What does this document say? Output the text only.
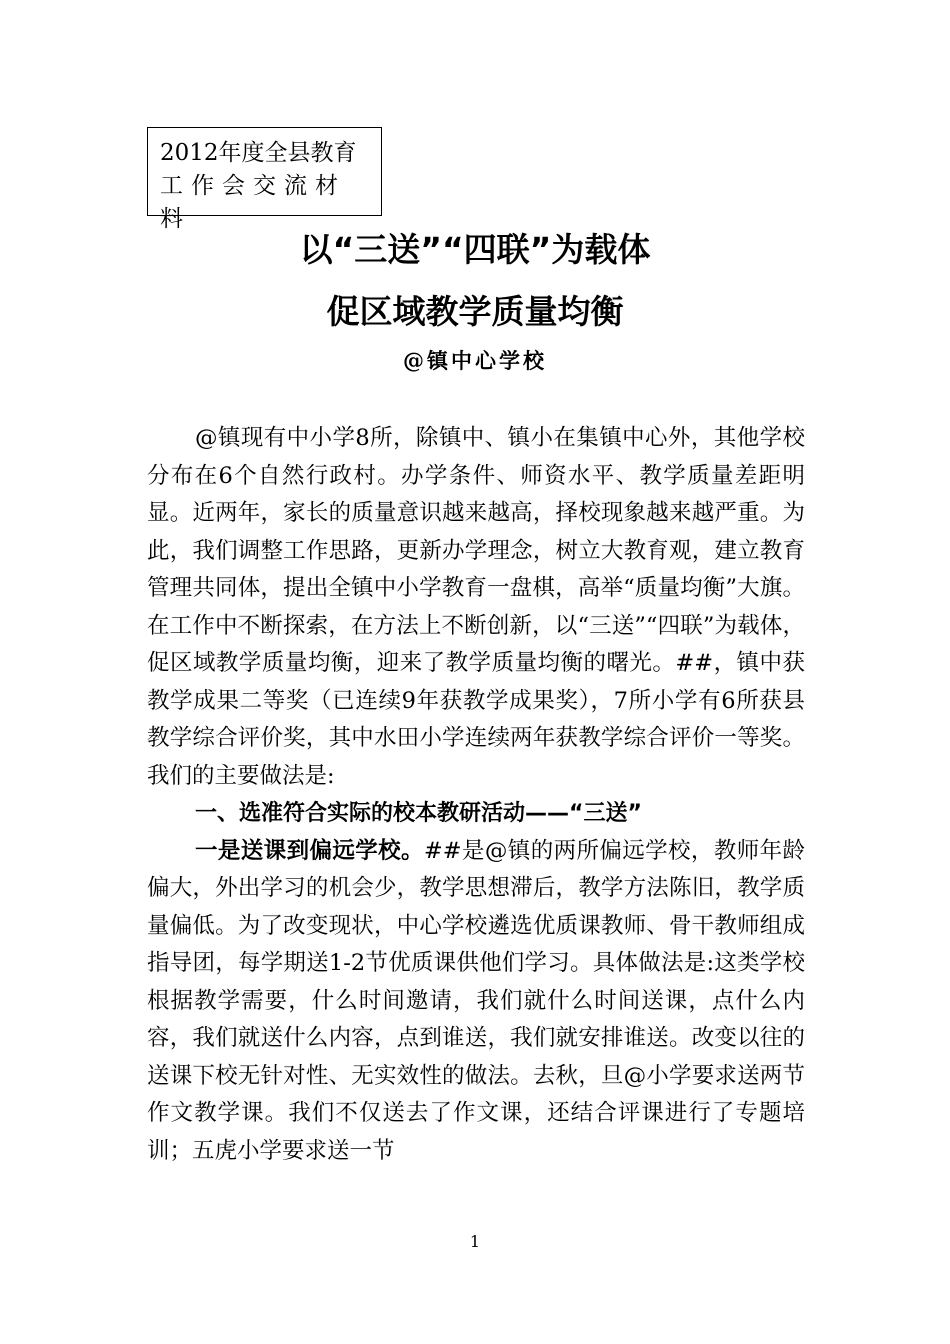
2012年度全县教育
工作会交流材料
以“三送”“四联”为载体
促区域教学质量均衡
@镇中心学校

@镇现有中小学8所，除镇中、镇小在集镇中心外，其他学校分布在6个自然行政村。办学条件、师资水平、教学质量差距明显。近两年，家长的质量意识越来越高，择校现象越来越严重。为此，我们调整工作思路，更新办学理念，树立大教育观，建立教育管理共同体，提出全镇中小学教育一盘棋，高举“质量均衡”大旗。在工作中不断探索，在方法上不断创新，以“三送”“四联”为载体，促区域教学质量均衡，迎来了教学质量均衡的曙光。##，镇中获教学成果二等奖（已连续9年获教学成果奖），7所小学有6所获县教学综合评价奖，其中水田小学连续两年获教学综合评价一等奖。我们的主要做法是:

一、选准符合实际的校本教研活动——“三送”

一是送课到偏远学校。##是@镇的两所偏远学校，教师年龄偏大，外出学习的机会少，教学思想滞后，教学方法陈旧，教学质量偏低。为了改变现状，中心学校遴选优质课教师、骨干教师组成指导团，每学期送1-2节优质课供他们学习。具体做法是:这类学校根据教学需要，什么时间邀请，我们就什么时间送课，点什么内容，我们就送什么内容，点到谁送，我们就安排谁送。改变以往的送课下校无针对性、无实效性的做法。去秋，旦@小学要求送两节作文教学课。我们不仅送去了作文课，还结合评课进行了专题培训；五虎小学要求送一节

1
